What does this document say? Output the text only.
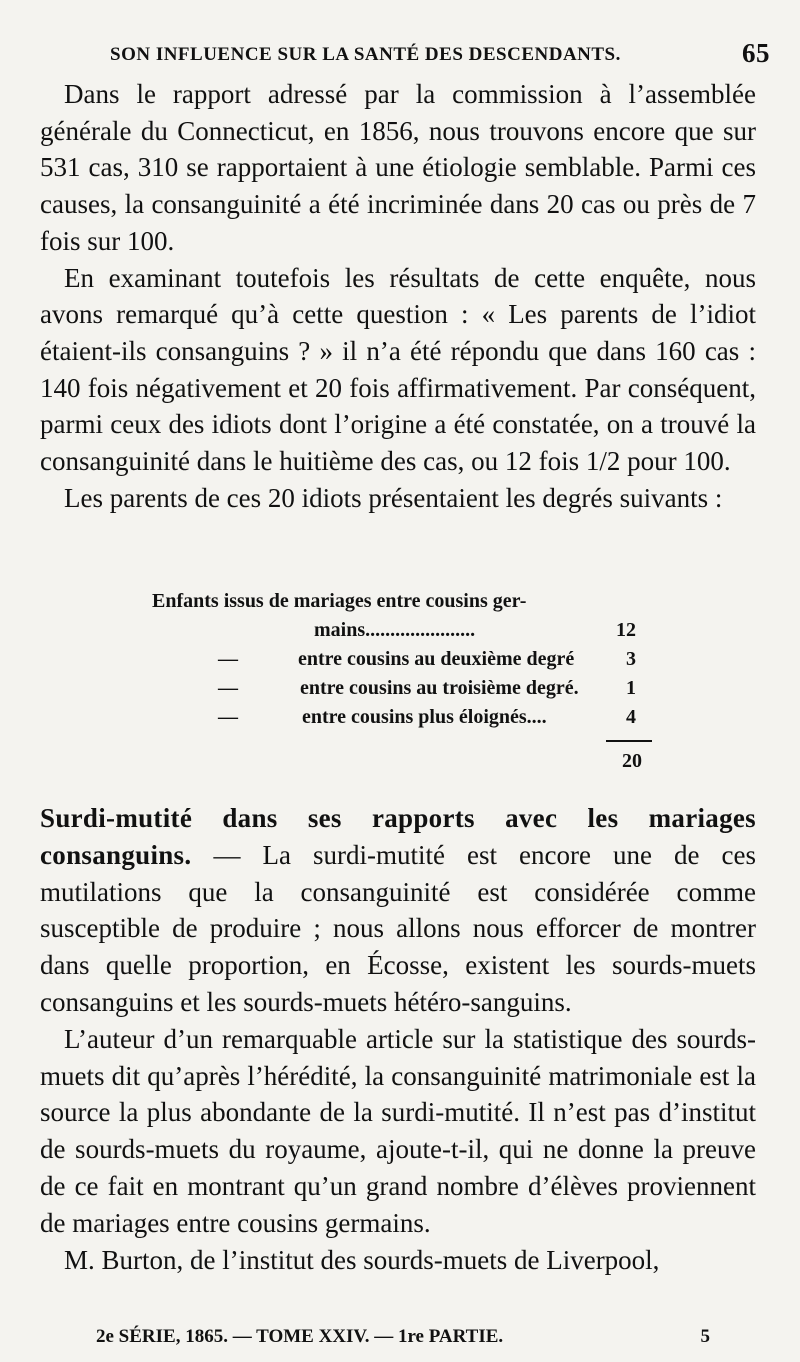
SON INFLUENCE SUR LA SANTÉ DES DESCENDANTS.	65

Dans le rapport adressé par la commission à l’assemblée générale du Connecticut, en 1856, nous trouvons encore que sur 531 cas, 310 se rapportaient à une étiologie semblable. Parmi ces causes, la consanguinité a été incriminée dans 20 cas ou près de 7 fois sur 100.

En examinant toutefois les résultats de cette enquête, nous avons remarqué qu’à cette question : « Les parents de l’idiot étaient-ils consanguins ? » il n’a été répondu que dans 160 cas : 140 fois négativement et 20 fois affirmativement. Par conséquent, parmi ceux des idiots dont l’origine a été constatée, on a trouvé la consanguinité dans le huitième des cas, ou 12 fois 1/2 pour 100.

Les parents de ces 20 idiots présentaient les degrés suivants :

Enfants issus de mariages entre cousins ger-
mains......................	12
—	entre cousins au deuxième degré	3
—	entre cousins au troisième degré.	1
—	entre cousins plus éloignés....	4
20

Surdi-mutité dans ses rapports avec les mariages consanguins. — La surdi-mutité est encore une de ces mutilations que la consanguinité est considérée comme susceptible de produire ; nous allons nous efforcer de montrer dans quelle proportion, en Écosse, existent les sourds-muets consanguins et les sourds-muets hétéro-sanguins.

L’auteur d’un remarquable article sur la statistique des sourds-muets dit qu’après l’hérédité, la consanguinité matrimoniale est la source la plus abondante de la surdi-mutité. Il n’est pas d’institut de sourds-muets du royaume, ajoute-t-il, qui ne donne la preuve de ce fait en montrant qu’un grand nombre d’élèves proviennent de mariages entre cousins germains.

M. Burton, de l’institut des sourds-muets de Liverpool,

2e SÉRIE, 1865. — TOME XXIV. — 1re PARTIE.	5
